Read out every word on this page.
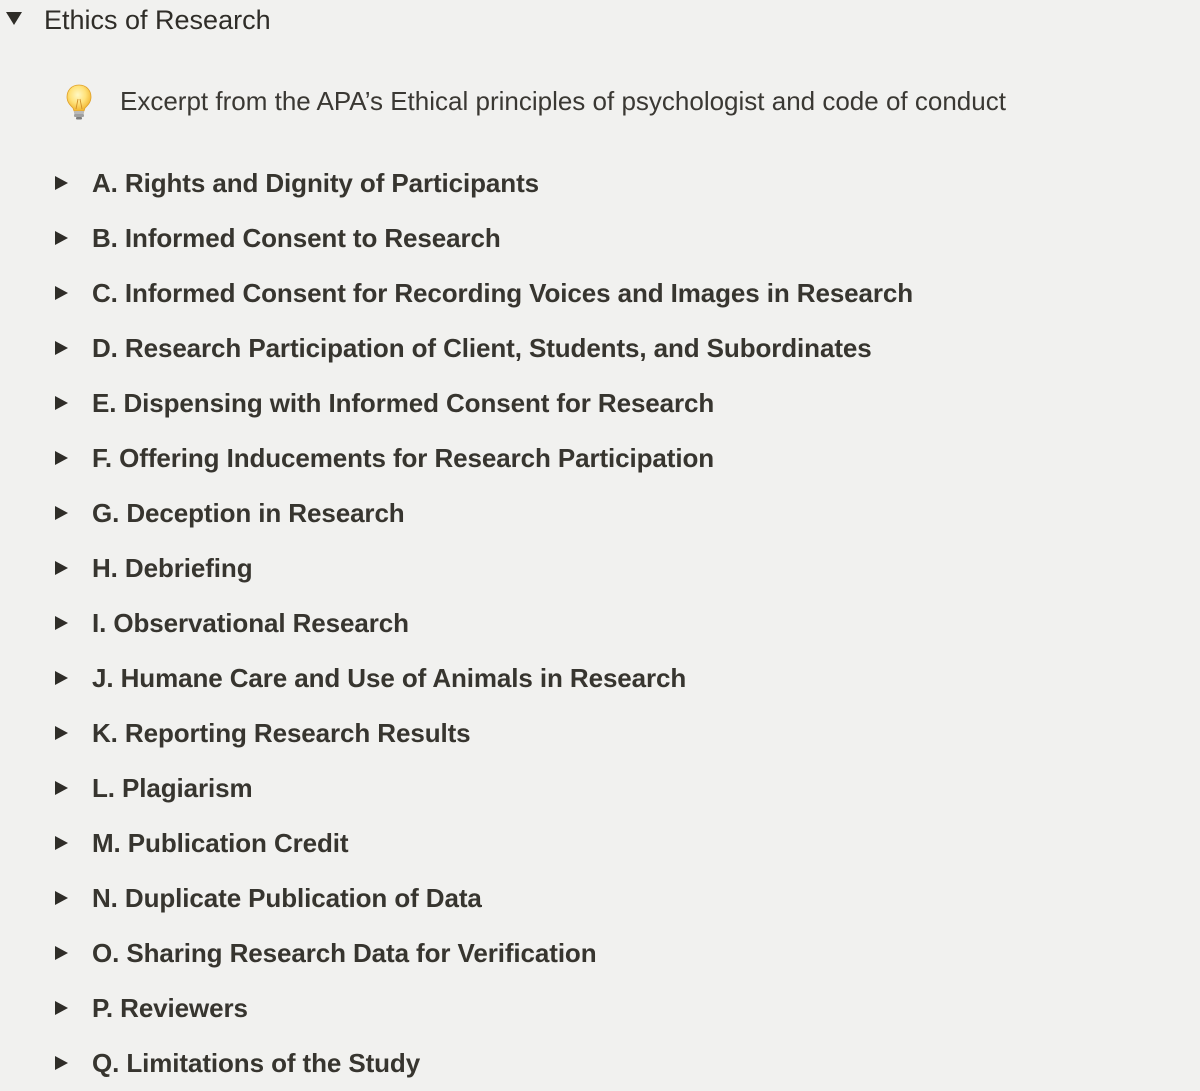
Ethics of Research
Excerpt from the APA’s Ethical principles of psychologist and code of conduct
A. Rights and Dignity of Participants
B. Informed Consent to Research
C. Informed Consent for Recording Voices and Images in Research
D. Research Participation of Client, Students, and Subordinates
E. Dispensing with Informed Consent for Research
F. Offering Inducements for Research Participation
G. Deception in Research
H. Debriefing
I. Observational Research
J. Humane Care and Use of Animals in Research
K. Reporting Research Results
L. Plagiarism
M. Publication Credit
N. Duplicate Publication of Data
O. Sharing Research Data for Verification
P. Reviewers
Q. Limitations of the Study
